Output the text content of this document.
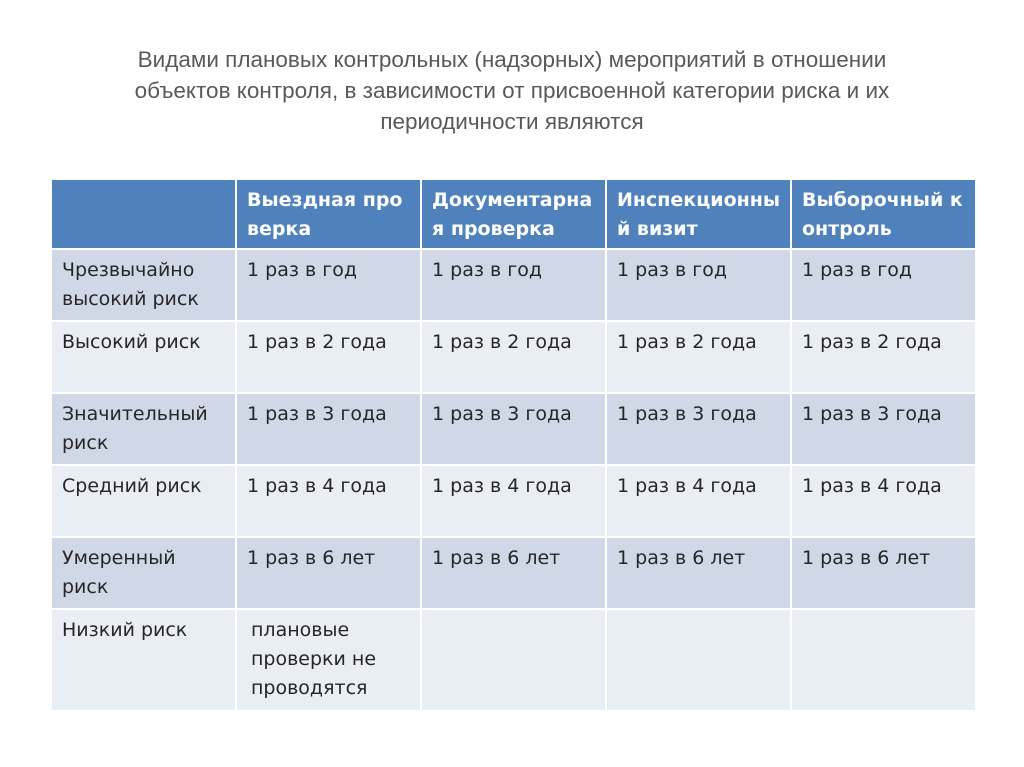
Видами плановых контрольных (надзорных) мероприятий в отношении
объектов контроля, в зависимости от присвоенной категории риска и их
периодичности являются
	Выездная проверка	Документарная проверка	Инспекционный визит	Выборочный контроль
Чрезвычайно высокий риск	1 раз в год	1 раз в год	1 раз в год	1 раз в год
Высокий риск	1 раз в 2 года	1 раз в 2 года	1 раз в 2 года	1 раз в 2 года
Значительный риск	1 раз в 3 года	1 раз в 3 года	1 раз в 3 года	1 раз в 3 года
Средний риск	1 раз в 4 года	1 раз в 4 года	1 раз в 4 года	1 раз в 4 года
Умеренный риск	1 раз в 6 лет	1 раз в 6 лет	1 раз в 6 лет	1 раз в 6 лет
Низкий риск	плановые проверки не проводятся			
